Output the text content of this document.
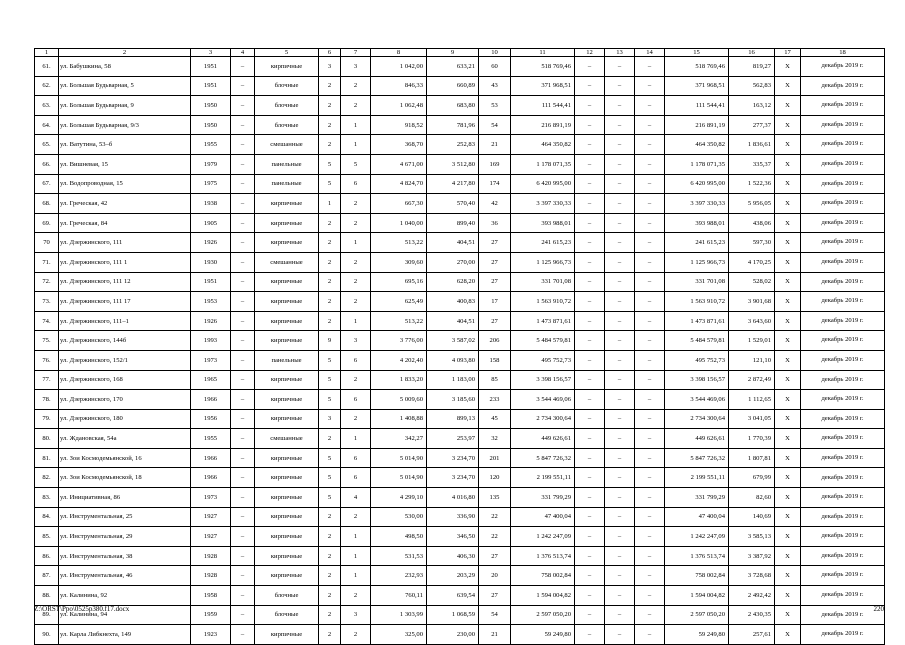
1	2	3	4	5	6	7	8	9	10	11	12	13	14	15	16	17	18
61.	ул. Бабушкина, 58	1951	–	кирпичные	3	3	1 042,00	633,21	60	518 769,46	–	–	–	518 769,46	819,27	Х	декабрь 2019 г.
62.	ул. Большая Будьварная, 5	1951	–	блочные	2	2	846,33	660,89	43	371 968,51	–	–	–	371 968,51	562,83	Х	декабрь 2019 г.
63.	ул. Большая Будьварная, 9	1950	–	блочные	2	2	1 062,48	683,80	53	111 544,41	–	–	–	111 544,41	163,12	Х	декабрь 2019 г.
64.	ул. Большая Будьварная, 9/3	1950	–	блочные	2	1	918,52	781,96	54	216 891,19	–	–	–	216 891,19	277,37	Х	декабрь 2019 г.
65.	ул. Ватутина, 53–б	1955	–	смешанные	2	1	368,70	252,83	21	464 350,82	–	–	–	464 350,82	1 836,61	Х	декабрь 2019 г.
66.	ул. Вишневая, 15	1979	–	панельные	5	5	4 671,00	3 512,80	169	1 178 071,35	–	–	–	1 178 071,35	335,37	Х	декабрь 2019 г.
67.	ул. Водопроводная, 15	1975	–	панельные	5	6	4 824,70	4 217,80	174	6 420 995,00	–	–	–	6 420 995,00	1 522,36	Х	декабрь 2019 г.
68.	ул. Греческая, 42	1938	–	кирпичные	1	2	667,30	570,40	42	3 397 330,33	–	–	–	3 397 330,33	5 956,05	Х	декабрь 2019 г.
69.	ул. Греческая, 84	1905	–	кирпичные	2	2	1 040,00	899,40	36	393 988,01	–	–	–	393 988,01	438,06	Х	декабрь 2019 г.
70	ул. Дзержинского, 111	1926	–	кирпичные	2	1	513,22	404,51	27	241 615,23	–	–	–	241 615,23	597,30	Х	декабрь 2019 г.
71.	ул. Дзержинского, 111 1	1930	–	смешанные	2	2	309,60	270,00	27	1 125 966,73	–	–	–	1 125 966,73	4 170,25	Х	декабрь 2019 г.
72.	ул. Дзержинского, 111 12	1951	–	кирпичные	2	2	695,16	628,20	27	331 701,08	–	–	–	331 701,08	528,02	Х	декабрь 2019 г.
73.	ул. Дзержинского, 111 17	1953	–	кирпичные	2	2	625,49	400,83	17	1 563 910,72	–	–	–	1 563 910,72	3 901,68	Х	декабрь 2019 г.
74.	ул. Дзержинского, 111–1	1926	–	кирпичные	2	1	513,22	404,51	27	1 473 871,61	–	–	–	1 473 871,61	3 643,60	Х	декабрь 2019 г.
75.	ул. Дзержинского, 144б	1993	–	кирпичные	9	3	3 776,00	3 587,02	206	5 484 579,81	–	–	–	5 484 579,81	1 529,01	Х	декабрь 2019 г.
76.	ул. Дзержинского, 152/1	1973	–	панельные	5	6	4 202,40	4 093,80	158	495 752,73	–	–	–	495 752,73	121,10	Х	декабрь 2019 г.
77.	ул. Дзержинского, 168	1965	–	кирпичные	5	2	1 833,20	1 183,00	85	3 398 156,57	–	–	–	3 398 156,57	2 872,49	Х	декабрь 2019 г.
78.	ул. Дзержинского, 170	1966	–	кирпичные	5	6	5 009,60	3 185,60	233	3 544 469,06	–	–	–	3 544 469,06	1 112,65	Х	декабрь 2019 г.
79.	ул. Дзержинского, 180	1956	–	кирпичные	3	2	1 408,88	899,13	45	2 734 300,64	–	–	–	2 734 300,64	3 041,05	Х	декабрь 2019 г.
80.	ул. Ждановская, 54а	1955	–	смешанные	2	1	342,27	253,97	32	449 626,61	–	–	–	449 626,61	1 770,39	Х	декабрь 2019 г.
81.	ул. Зои Космодемьянской, 16	1966	–	кирпичные	5	6	5 014,90	3 234,70	201	5 847 726,32	–	–	–	5 847 726,32	1 807,81	Х	декабрь 2019 г.
82.	ул. Зои Космодемьянской, 18	1966	–	кирпичные	5	6	5 014,90	3 234,70	120	2 199 551,11	–	–	–	2 199 551,11	679,99	Х	декабрь 2019 г.
83.	ул. Инициативная, 86	1973	–	кирпичные	5	4	4 299,10	4 016,80	135	331 799,29	–	–	–	331 799,29	82,60	Х	декабрь 2019 г.
84.	ул. Инструментальная, 25	1927	–	кирпичные	2	2	530,00	336,90	22	47 400,04	–	–	–	47 400,04	140,69	Х	декабрь 2019 г.
85.	ул. Инструментальная, 29	1927	–	кирпичные	2	1	498,50	346,50	22	1 242 247,09	–	–	–	1 242 247,09	3 585,13	Х	декабрь 2019 г.
86.	ул. Инструментальная, 38	1928	–	кирпичные	2	1	531,53	406,30	27	1 376 513,74	–	–	–	1 376 513,74	3 387,92	Х	декабрь 2019 г.
87.	ул. Инструментальная, 46	1928	–	кирпичные	2	1	232,93	203,29	20	758 002,84	–	–	–	758 002,84	3 728,68	Х	декабрь 2019 г.
88.	ул. Калинина, 92	1958	–	блочные	2	2	760,11	639,54	27	1 594 004,82	–	–	–	1 594 004,82	2 492,42	Х	декабрь 2019 г.
89.	ул. Калинина, 94	1959	–	блочные	2	3	1 303,99	1 068,59	54	2 597 050,20	–	–	–	2 597 050,20	2 430,35	Х	декабрь 2019 г.
90.	ул. Карла Либкнехта, 149	1923	–	кирпичные	2	2	325,00	230,00	21	59 249,80	–	–	–	59 249,80	257,61	Х	декабрь 2019 г.
Z:\ORST\Ppo\0525p380.f17.docx	220
